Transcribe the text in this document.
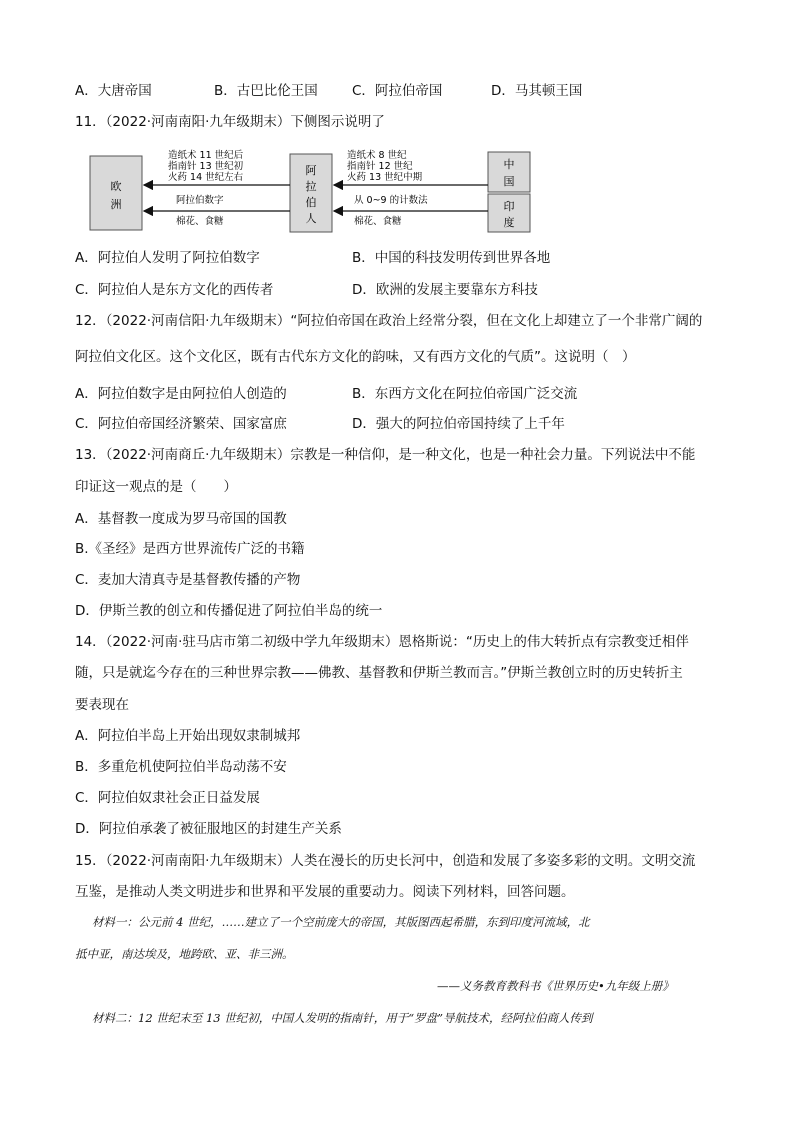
A．大唐帝国	B．古巴比伦王国	C．阿拉伯帝国	D．马其顿王国
11．（2022·河南南阳·九年级期末）下侧图示说明了
欧
洲
阿
拉
伯
人
中
国
印
度
造纸术 11 世纪后
指南针 13 世纪初
火药 14 世纪左右
阿拉伯数字
棉花、食糖
造纸术 8 世纪
指南针 12 世纪
火药 13 世纪中期
从 0~9 的计数法
棉花、食糖
A．阿拉伯人发明了阿拉伯数字	B．中国的科技发明传到世界各地
C．阿拉伯人是东方文化的西传者	D．欧洲的发展主要靠东方科技
12．（2022·河南信阳·九年级期末）“阿拉伯帝国在政治上经常分裂，但在文化上却建立了一个非常广阔的
阿拉伯文化区。这个文化区，既有古代东方文化的韵味，又有西方文化的气质”。这说明（　）
A．阿拉伯数字是由阿拉伯人创造的	B．东西方文化在阿拉伯帝国广泛交流
C．阿拉伯帝国经济繁荣、国家富庶	D．强大的阿拉伯帝国持续了上千年
13．（2022·河南商丘·九年级期末）宗教是一种信仰，是一种文化，也是一种社会力量。下列说法中不能
印证这一观点的是（　　）
A．基督教一度成为罗马帝国的国教
B.《圣经》是西方世界流传广泛的书籍
C．麦加大清真寺是基督教传播的产物
D．伊斯兰教的创立和传播促进了阿拉伯半岛的统一
14．（2022·河南·驻马店市第二初级中学九年级期末）恩格斯说：“历史上的伟大转折点有宗教变迁相伴
随，只是就迄今存在的三种世界宗教——佛教、基督教和伊斯兰教而言。”伊斯兰教创立时的历史转折主
要表现在
A．阿拉伯半岛上开始出现奴隶制城邦
B．多重危机使阿拉伯半岛动荡不安
C．阿拉伯奴隶社会正日益发展
D．阿拉伯承袭了被征服地区的封建生产关系
15．（2022·河南南阳·九年级期末）人类在漫长的历史长河中，创造和发展了多姿多彩的文明。文明交流
互鉴，是推动人类文明进步和世界和平发展的重要动力。阅读下列材料，回答问题。
材料一：公元前 4 世纪，……建立了一个空前庞大的帝国，其版图西起希腊，东到印度河流域，北
抵中亚，南达埃及，地跨欧、亚、非三洲。
——义务教育教科书《世界历史•九年级上册》
材料二：12 世纪末至 13 世纪初，中国人发明的指南针，用于“罗盘”导航技术，经阿拉伯商人传到
